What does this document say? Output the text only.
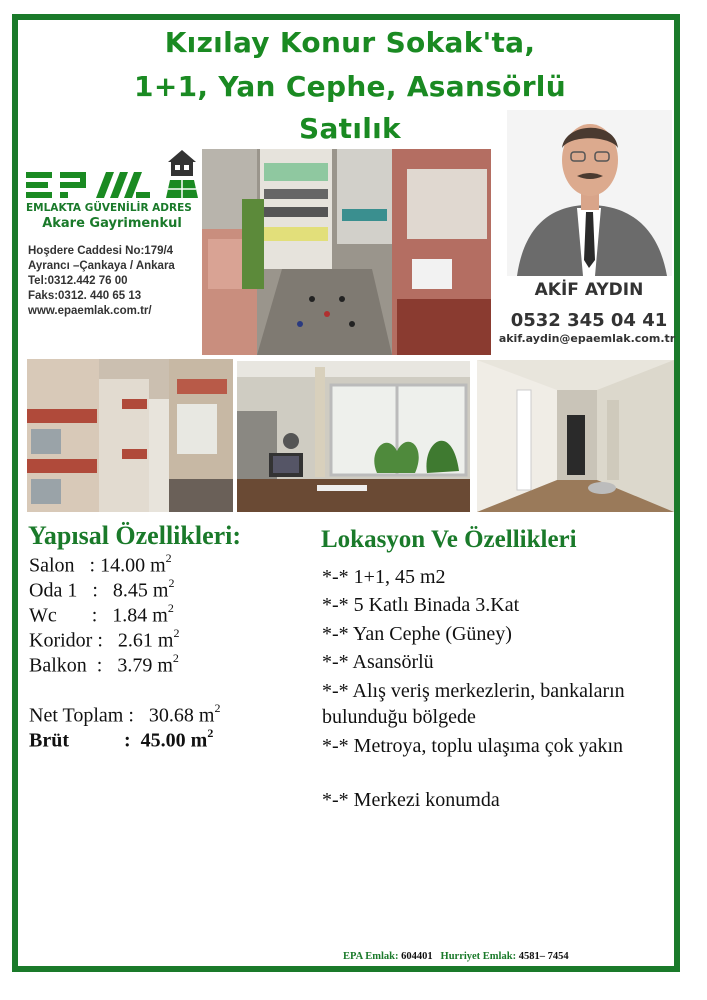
Kızılay Konur Sokak'ta,
1+1, Yan Cephe, Asansörlü
Satılık
EMLAKTA GÜVENİLİR ADRES
Akare Gayrimenkul
Hoşdere Caddesi No:179/4
Ayrancı –Çankaya / Ankara
Tel:0312.442 76 00
Faks:0312. 440 65 13
www.epaemlak.com.tr/
AKİF AYDIN
0532 345 04 41
akif.aydin@epaemlak.com.tr
Yapısal Özellikleri:
Salon   : 14.00 $m^2$
Oda 1   :   8.45 $m^2$
Wc       :   1.84 $m^2$
Koridor :   2.61 $m^2$
Balkon  :   3.79 $m^2$
Net Toplam :   30.68 $m^2$
Brüt           :  45.00 $m^2$
Lokasyon Ve Özellikleri
*-* 1+1, 45 m2
*-* 5 Katlı Binada 3.Kat
*-* Yan Cephe (Güney)
*-* Asansörlü
*-* Alış veriş merkezlerin, bankaların bulunduğu bölgede
*-* Metroya, toplu ulaşıma çok yakın
*-* Merkezi konumda
EPA Emlak: 604401 Hurriyet Emlak: 4581– 7454
